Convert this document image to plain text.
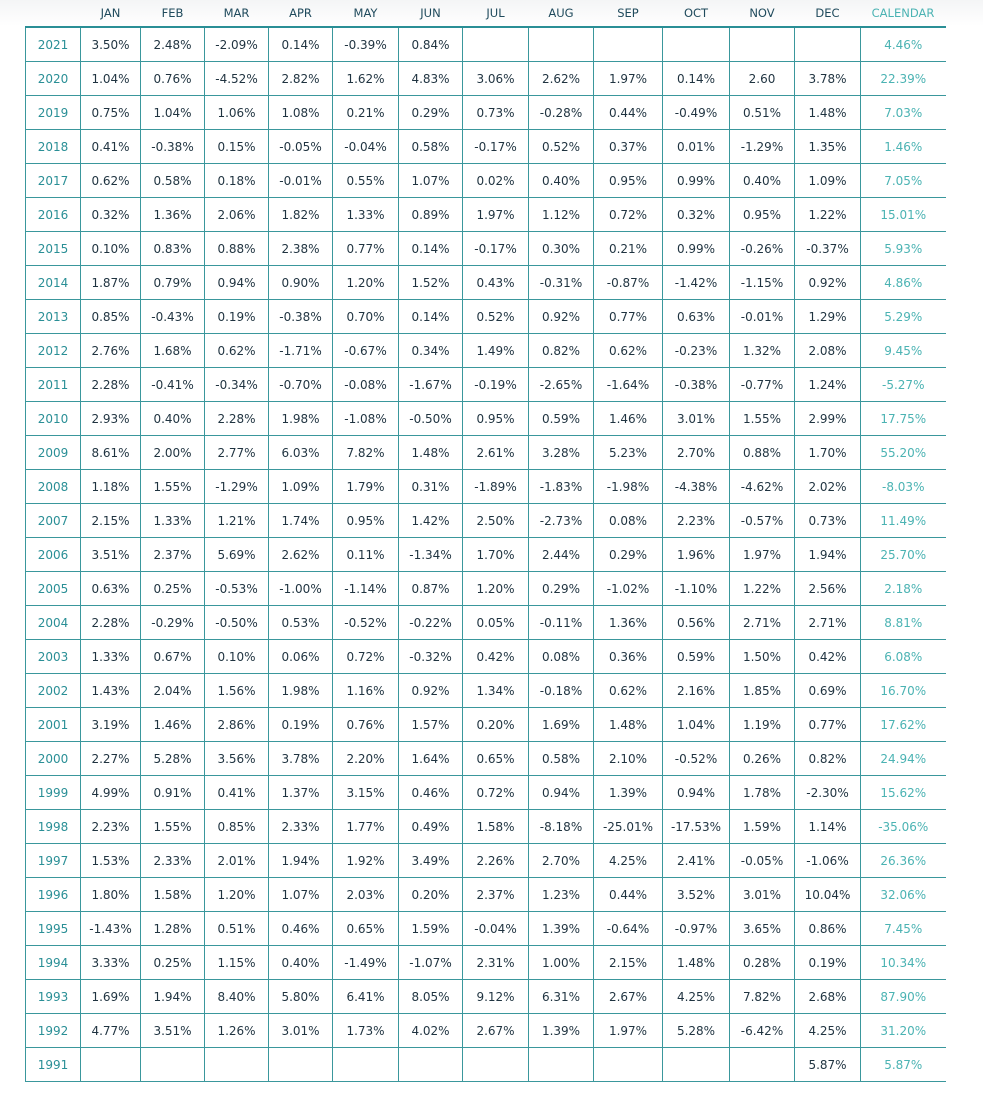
	JAN	FEB	MAR	APR	MAY	JUN	JUL	AUG	SEP	OCT	NOV	DEC	CALENDAR
2021	3.50%	2.48%	-2.09%	0.14%	-0.39%	0.84%							4.46%
2020	1.04%	0.76%	-4.52%	2.82%	1.62%	4.83%	3.06%	2.62%	1.97%	0.14%	2.60	3.78%	22.39%
2019	0.75%	1.04%	1.06%	1.08%	0.21%	0.29%	0.73%	-0.28%	0.44%	-0.49%	0.51%	1.48%	7.03%
2018	0.41%	-0.38%	0.15%	-0.05%	-0.04%	0.58%	-0.17%	0.52%	0.37%	0.01%	-1.29%	1.35%	1.46%
2017	0.62%	0.58%	0.18%	-0.01%	0.55%	1.07%	0.02%	0.40%	0.95%	0.99%	0.40%	1.09%	7.05%
2016	0.32%	1.36%	2.06%	1.82%	1.33%	0.89%	1.97%	1.12%	0.72%	0.32%	0.95%	1.22%	15.01%
2015	0.10%	0.83%	0.88%	2.38%	0.77%	0.14%	-0.17%	0.30%	0.21%	0.99%	-0.26%	-0.37%	5.93%
2014	1.87%	0.79%	0.94%	0.90%	1.20%	1.52%	0.43%	-0.31%	-0.87%	-1.42%	-1.15%	0.92%	4.86%
2013	0.85%	-0.43%	0.19%	-0.38%	0.70%	0.14%	0.52%	0.92%	0.77%	0.63%	-0.01%	1.29%	5.29%
2012	2.76%	1.68%	0.62%	-1.71%	-0.67%	0.34%	1.49%	0.82%	0.62%	-0.23%	1.32%	2.08%	9.45%
2011	2.28%	-0.41%	-0.34%	-0.70%	-0.08%	-1.67%	-0.19%	-2.65%	-1.64%	-0.38%	-0.77%	1.24%	-5.27%
2010	2.93%	0.40%	2.28%	1.98%	-1.08%	-0.50%	0.95%	0.59%	1.46%	3.01%	1.55%	2.99%	17.75%
2009	8.61%	2.00%	2.77%	6.03%	7.82%	1.48%	2.61%	3.28%	5.23%	2.70%	0.88%	1.70%	55.20%
2008	1.18%	1.55%	-1.29%	1.09%	1.79%	0.31%	-1.89%	-1.83%	-1.98%	-4.38%	-4.62%	2.02%	-8.03%
2007	2.15%	1.33%	1.21%	1.74%	0.95%	1.42%	2.50%	-2.73%	0.08%	2.23%	-0.57%	0.73%	11.49%
2006	3.51%	2.37%	5.69%	2.62%	0.11%	-1.34%	1.70%	2.44%	0.29%	1.96%	1.97%	1.94%	25.70%
2005	0.63%	0.25%	-0.53%	-1.00%	-1.14%	0.87%	1.20%	0.29%	-1.02%	-1.10%	1.22%	2.56%	2.18%
2004	2.28%	-0.29%	-0.50%	0.53%	-0.52%	-0.22%	0.05%	-0.11%	1.36%	0.56%	2.71%	2.71%	8.81%
2003	1.33%	0.67%	0.10%	0.06%	0.72%	-0.32%	0.42%	0.08%	0.36%	0.59%	1.50%	0.42%	6.08%
2002	1.43%	2.04%	1.56%	1.98%	1.16%	0.92%	1.34%	-0.18%	0.62%	2.16%	1.85%	0.69%	16.70%
2001	3.19%	1.46%	2.86%	0.19%	0.76%	1.57%	0.20%	1.69%	1.48%	1.04%	1.19%	0.77%	17.62%
2000	2.27%	5.28%	3.56%	3.78%	2.20%	1.64%	0.65%	0.58%	2.10%	-0.52%	0.26%	0.82%	24.94%
1999	4.99%	0.91%	0.41%	1.37%	3.15%	0.46%	0.72%	0.94%	1.39%	0.94%	1.78%	-2.30%	15.62%
1998	2.23%	1.55%	0.85%	2.33%	1.77%	0.49%	1.58%	-8.18%	-25.01%	-17.53%	1.59%	1.14%	-35.06%
1997	1.53%	2.33%	2.01%	1.94%	1.92%	3.49%	2.26%	2.70%	4.25%	2.41%	-0.05%	-1.06%	26.36%
1996	1.80%	1.58%	1.20%	1.07%	2.03%	0.20%	2.37%	1.23%	0.44%	3.52%	3.01%	10.04%	32.06%
1995	-1.43%	1.28%	0.51%	0.46%	0.65%	1.59%	-0.04%	1.39%	-0.64%	-0.97%	3.65%	0.86%	7.45%
1994	3.33%	0.25%	1.15%	0.40%	-1.49%	-1.07%	2.31%	1.00%	2.15%	1.48%	0.28%	0.19%	10.34%
1993	1.69%	1.94%	8.40%	5.80%	6.41%	8.05%	9.12%	6.31%	2.67%	4.25%	7.82%	2.68%	87.90%
1992	4.77%	3.51%	1.26%	3.01%	1.73%	4.02%	2.67%	1.39%	1.97%	5.28%	-6.42%	4.25%	31.20%
1991												5.87%	5.87%
